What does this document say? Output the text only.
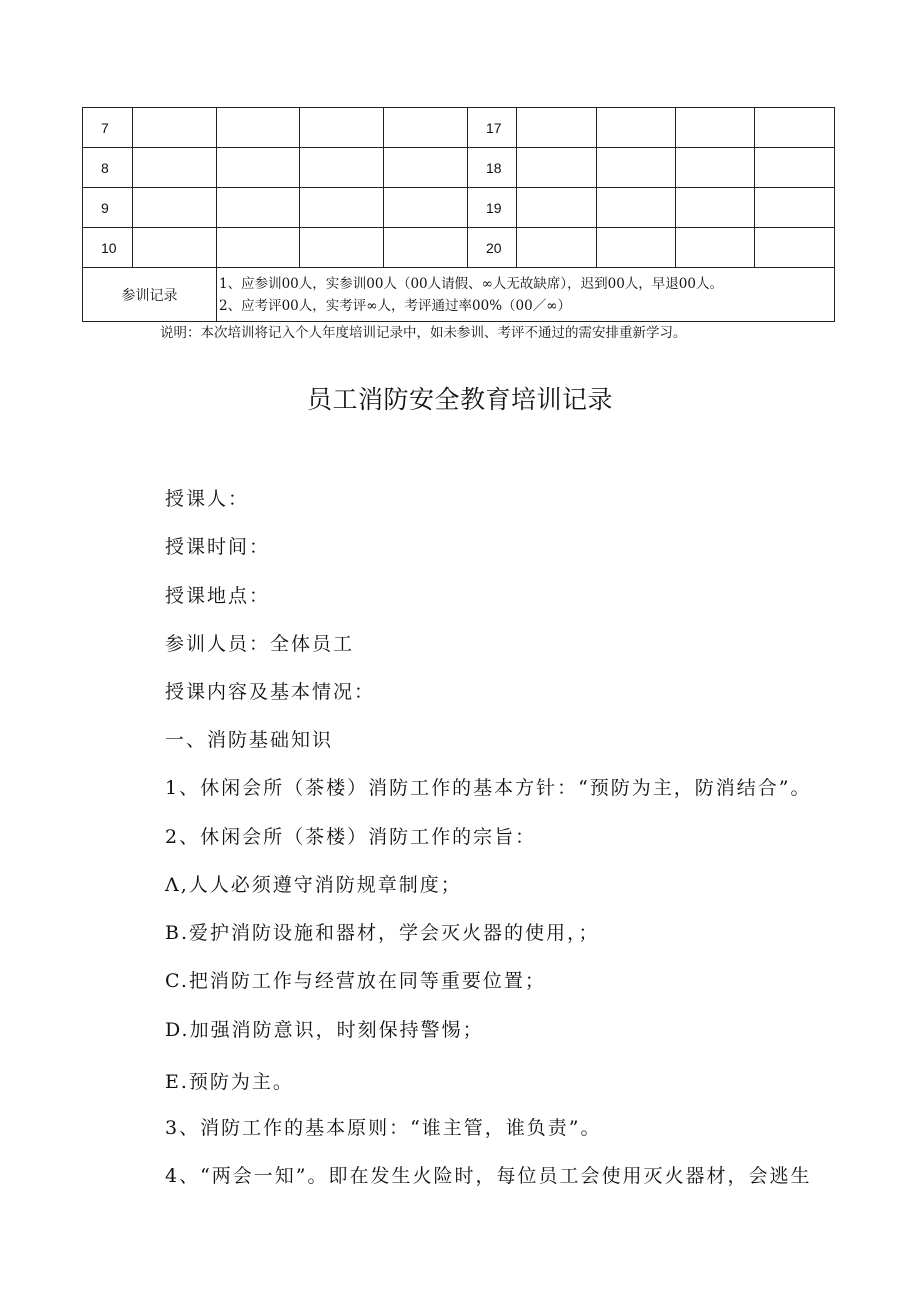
7					17				
8					18				
9					19				
10					20				
参训记录		1、应参训00人，实参训00人（00人请假、∞人无故缺席），迟到00人，早退00人。
2、应考评00人，实考评∞人，考评通过率00%（00／∞）							
说明：本次培训将记入个人年度培训记录中，如未参训、考评不通过的需安排重新学习。
员工消防安全教育培训记录
授课人：
授课时间：
授课地点：
参训人员：全体员工
授课内容及基本情况：
一、消防基础知识
1、休闲会所（茶楼）消防工作的基本方针：“预防为主，防消结合”。
2、休闲会所（茶楼）消防工作的宗旨：
Λ,人人必须遵守消防规章制度；
B.爱护消防设施和器材，学会灭火器的使用，；
C.把消防工作与经营放在同等重要位置；
D.加强消防意识，时刻保持警惕；
E.预防为主。
3、消防工作的基本原则：“谁主管，谁负责”。
4、“两会一知”。即在发生火险时，每位员工会使用灭火器材，会逃生
